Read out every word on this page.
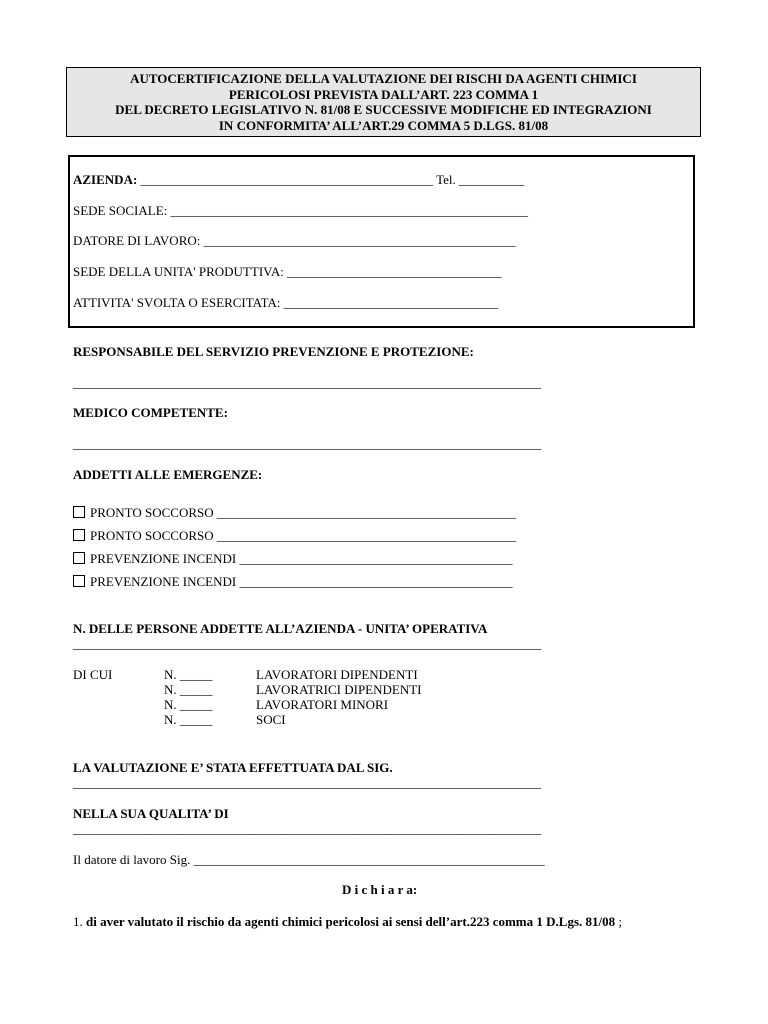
AUTOCERTIFICAZIONE DELLA VALUTAZIONE DEI RISCHI DA AGENTI CHIMICI
PERICOLOSI PREVISTA DALL’ART. 223 COMMA 1
DEL DECRETO LEGISLATIVO N. 81/08 E SUCCESSIVE MODIFICHE ED INTEGRAZIONI
IN CONFORMITA’ ALL’ART.29 COMMA 5 D.LGS. 81/08
AZIENDA: _____________________________________________ Tel. __________
SEDE SOCIALE: _______________________________________________________
DATORE DI LAVORO: ________________________________________________
SEDE DELLA UNITA' PRODUTTIVA: _________________________________
ATTIVITA' SVOLTA O ESERCITATA: _________________________________
RESPONSABILE DEL SERVIZIO PREVENZIONE E PROTEZIONE:
________________________________________________________________________
MEDICO COMPETENTE:
________________________________________________________________________
ADDETTI ALLE EMERGENZE:
PRONTO SOCCORSO ______________________________________________
PRONTO SOCCORSO ______________________________________________
PREVENZIONE INCENDI __________________________________________
PREVENZIONE INCENDI __________________________________________
N. DELLE PERSONE ADDETTE ALL’AZIENDA - UNITA’ OPERATIVA
________________________________________________________________________
DI CUI	N. _____	LAVORATORI DIPENDENTI
N. _____	LAVORATRICI DIPENDENTI
N. _____	LAVORATORI MINORI
N. _____	SOCI
LA VALUTAZIONE E’ STATA EFFETTUATA DAL SIG.
________________________________________________________________________
NELLA SUA QUALITA’ DI
________________________________________________________________________
Il datore di lavoro Sig. ______________________________________________________
D i c h i a r a:
1. di aver valutato il rischio da agenti chimici pericolosi ai sensi dell’art.223 comma 1 D.Lgs. 81/08 ;
